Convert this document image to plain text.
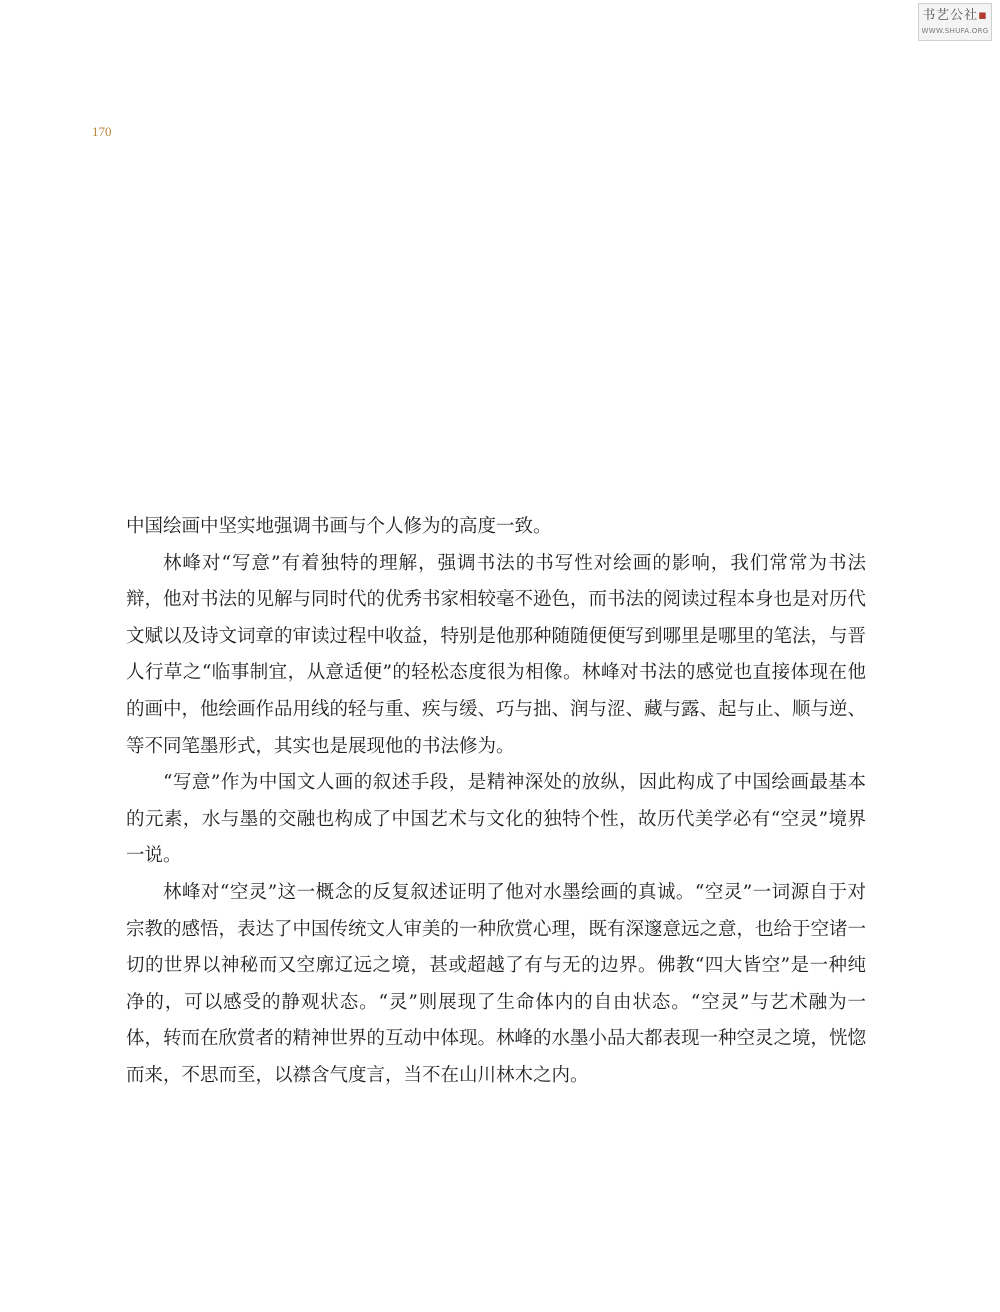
书艺公社▪
WWW.SHUFA.ORG
170

中国绘画中坚实地强调书画与个人修为的高度一致。

林峰对“写意”有着独特的理解，强调书法的书写性对绘画的影响，我们常常为书法辩，他对书法的见解与同时代的优秀书家相较毫不逊色，而书法的阅读过程本身也是对历代文赋以及诗文词章的审读过程中收益，特别是他那种随随便便写到哪里是哪里的笔法，与晋人行草之“临事制宜，从意适便”的轻松态度很为相像。林峰对书法的感觉也直接体现在他的画中，他绘画作品用线的轻与重、疾与缓、巧与拙、润与涩、藏与露、起与止、顺与逆、等不同笔墨形式，其实也是展现他的书法修为。

“写意”作为中国文人画的叙述手段，是精神深处的放纵，因此构成了中国绘画最基本的元素，水与墨的交融也构成了中国艺术与文化的独特个性，故历代美学必有“空灵”境界一说。

林峰对“空灵”这一概念的反复叙述证明了他对水墨绘画的真诚。“空灵”一词源自于对宗教的感悟，表达了中国传统文人审美的一种欣赏心理，既有深邃意远之意，也给于空诸一切的世界以神秘而又空廓辽远之境，甚或超越了有与无的边界。佛教“四大皆空”是一种纯净的，可以感受的静观状态。“灵”则展现了生命体内的自由状态。“空灵”与艺术融为一体，转而在欣赏者的精神世界的互动中体现。林峰的水墨小品大都表现一种空灵之境，恍惚而来，不思而至，以襟含气度言，当不在山川林木之内。
